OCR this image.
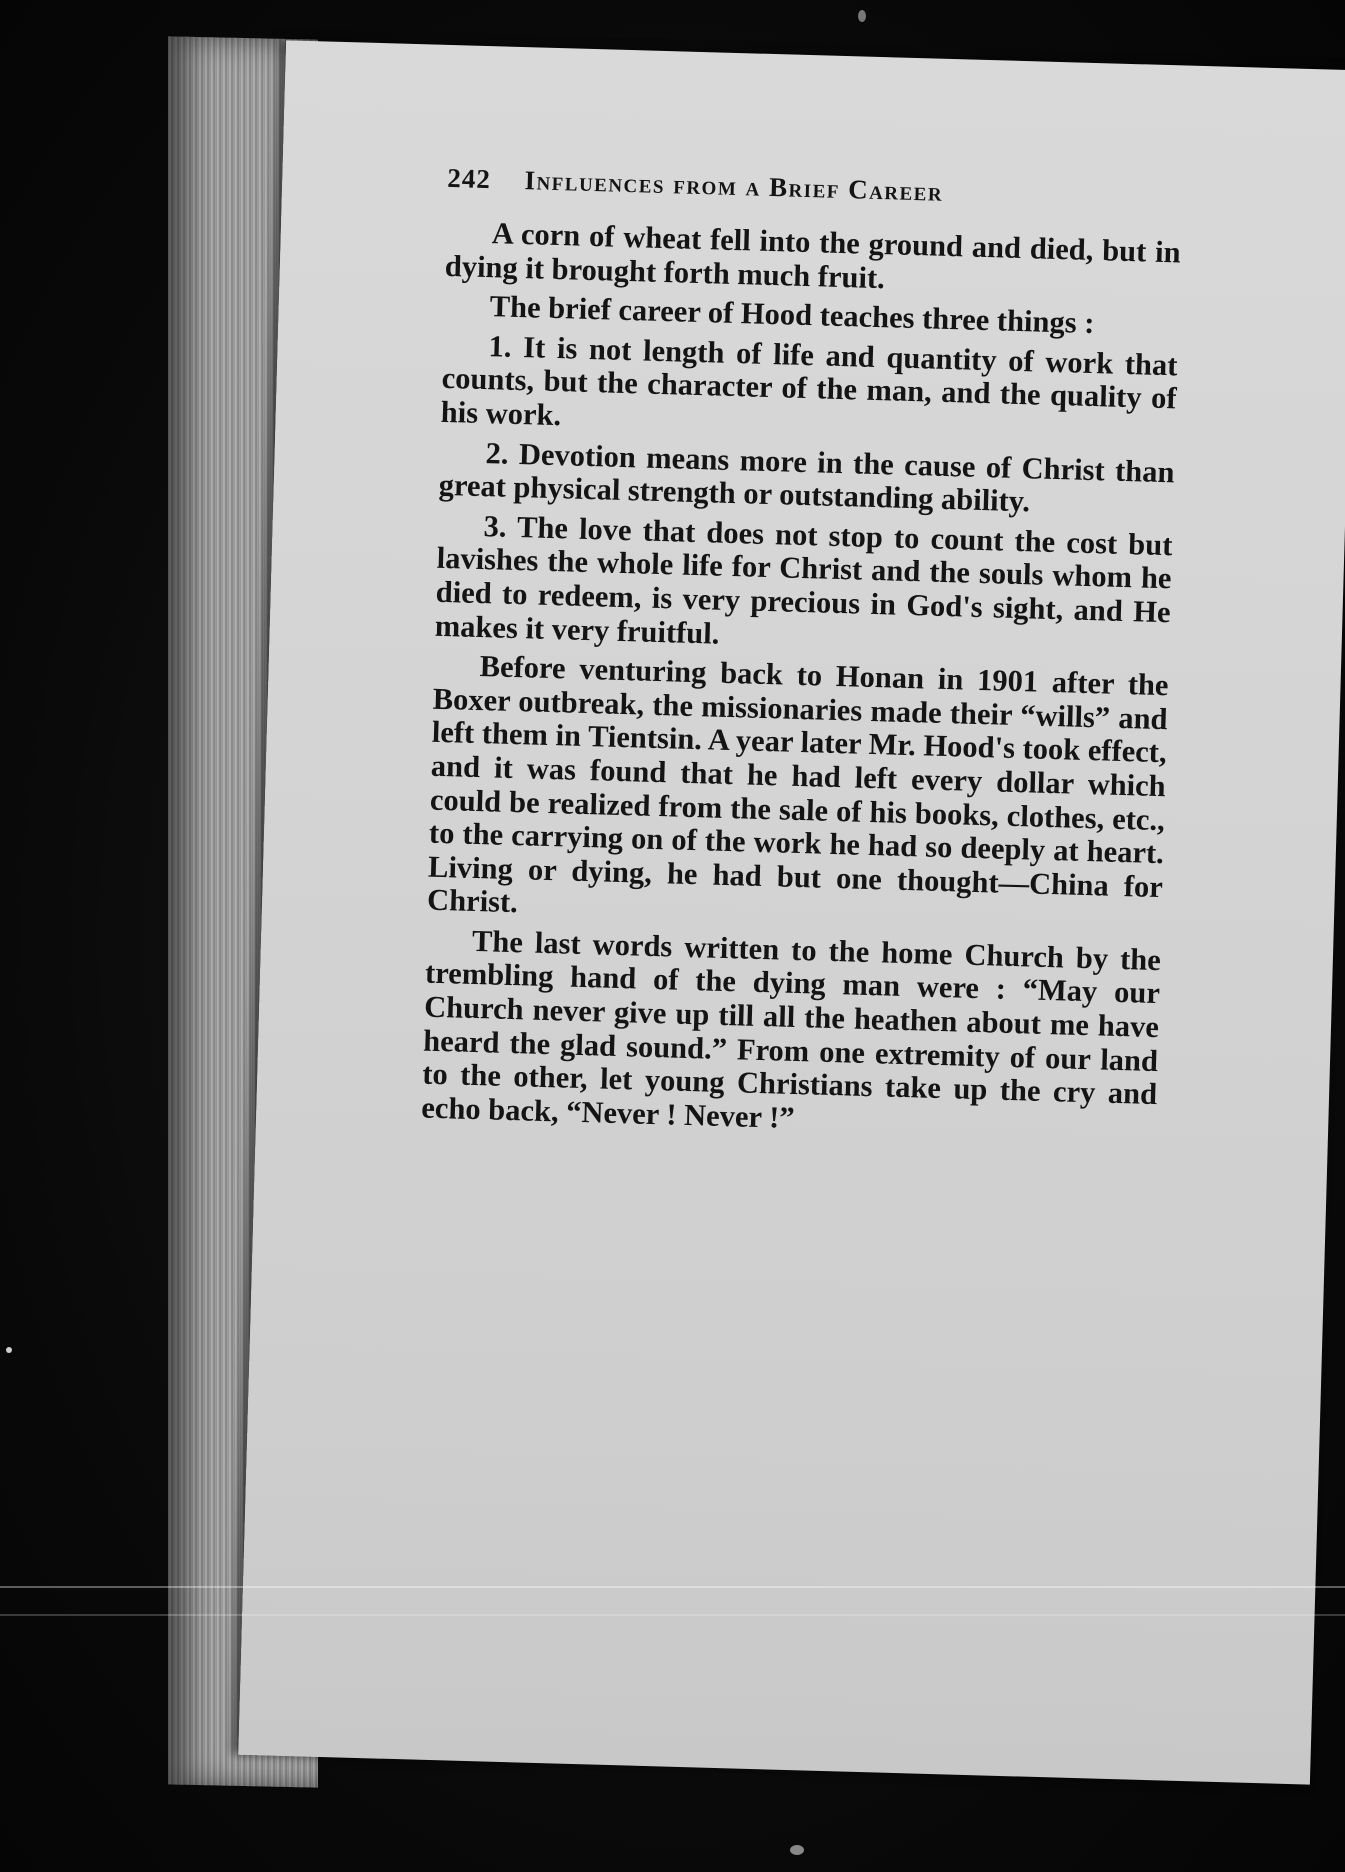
242 Influences from a Brief Career

A corn of wheat fell into the ground and died, but in dying it brought forth much fruit.

The brief career of Hood teaches three things :

1. It is not length of life and quantity of work that counts, but the character of the man, and the quality of his work.

2. Devotion means more in the cause of Christ than great physical strength or outstanding ability.

3. The love that does not stop to count the cost but lavishes the whole life for Christ and the souls whom he died to redeem, is very precious in God's sight, and He makes it very fruitful.

Before venturing back to Honan in 1901 after the Boxer outbreak, the missionaries made their “wills” and left them in Tientsin. A year later Mr. Hood's took effect, and it was found that he had left every dollar which could be realized from the sale of his books, clothes, etc., to the carrying on of the work he had so deeply at heart. Living or dying, he had but one thought—China for Christ.

The last words written to the home Church by the trembling hand of the dying man were : “May our Church never give up till all the heathen about me have heard the glad sound.” From one extremity of our land to the other, let young Christians take up the cry and echo back, “Never ! Never !”
